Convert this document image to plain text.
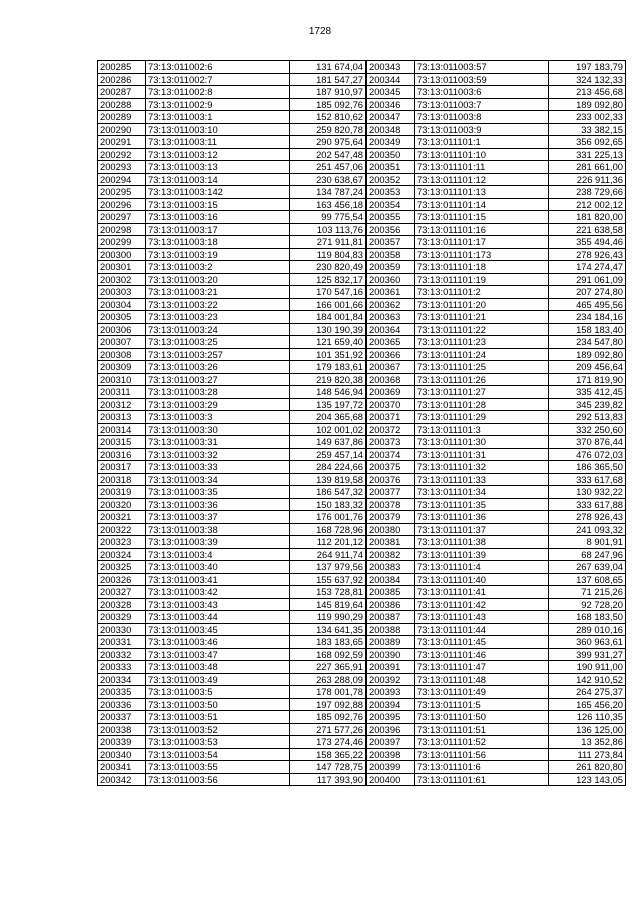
1728
200285	73:13:011002:6	131 674,04
200286	73:13:011002:7	181 547,27
200287	73:13:011002:8	187 910,97
200288	73:13:011002:9	185 092,76
200289	73:13:011003:1	152 810,62
200290	73:13:011003:10	259 820,78
200291	73:13:011003:11	290 975,64
200292	73:13:011003:12	202 547,48
200293	73:13:011003:13	251 457,06
200294	73:13:011003:14	230 638,67
200295	73:13:011003:142	134 787,24
200296	73:13:011003:15	163 456,18
200297	73:13:011003:16	99 775,54
200298	73:13:011003:17	103 113,76
200299	73:13:011003:18	271 911,81
200300	73:13:011003:19	119 804,83
200301	73:13:011003:2	230 820,49
200302	73:13:011003:20	125 832,17
200303	73:13:011003:21	170 547,16
200304	73:13:011003:22	166 001,66
200305	73:13:011003:23	184 001,84
200306	73:13:011003:24	130 190,39
200307	73:13:011003:25	121 659,40
200308	73:13:011003:257	101 351,92
200309	73:13:011003:26	179 183,61
200310	73:13:011003:27	219 820,38
200311	73:13:011003:28	148 546,94
200312	73:13:011003:29	135 197,72
200313	73:13:011003:3	204 365,68
200314	73:13:011003:30	102 001,02
200315	73:13:011003:31	149 637,86
200316	73:13:011003:32	259 457,14
200317	73:13:011003:33	284 224,66
200318	73:13:011003:34	139 819,58
200319	73:13:011003:35	186 547,32
200320	73:13:011003:36	150 183,32
200321	73:13:011003:37	176 001,76
200322	73:13:011003:38	168 728,96
200323	73:13:011003:39	112 201,12
200324	73:13:011003:4	264 911,74
200325	73:13:011003:40	137 979,56
200326	73:13:011003:41	155 637,92
200327	73:13:011003:42	153 728,81
200328	73:13:011003:43	145 819,64
200329	73:13:011003:44	119 990,29
200330	73:13:011003:45	134 641,35
200331	73:13:011003:46	183 183,65
200332	73:13:011003:47	168 092,59
200333	73:13:011003:48	227 365,91
200334	73:13:011003:49	263 288,09
200335	73:13:011003:5	178 001,78
200336	73:13:011003:50	197 092,88
200337	73:13:011003:51	185 092,76
200338	73:13:011003:52	271 577,26
200339	73:13:011003:53	173 274,46
200340	73:13:011003:54	158 365,22
200341	73:13:011003:55	147 728,75
200342	73:13:011003:56	117 393,90
200343	73:13:011003:57	197 183,79
200344	73:13:011003:59	324 132,33
200345	73:13:011003:6	213 456,68
200346	73:13:011003:7	189 092,80
200347	73:13:011003:8	233 002,33
200348	73:13:011003:9	33 382,15
200349	73:13:011101:1	356 092,65
200350	73:13:011101:10	331 225,13
200351	73:13:011101:11	281 661,00
200352	73:13:011101:12	226 911,36
200353	73:13:011101:13	238 729,66
200354	73:13:011101:14	212 002,12
200355	73:13:011101:15	181 820,00
200356	73:13:011101:16	221 638,58
200357	73:13:011101:17	355 494,46
200358	73:13:011101:173	278 926,43
200359	73:13:011101:18	174 274,47
200360	73:13:011101:19	291 061,09
200361	73:13:011101:2	207 274,80
200362	73:13:011101:20	465 495,56
200363	73:13:011101:21	234 184,16
200364	73:13:011101:22	158 183,40
200365	73:13:011101:23	234 547,80
200366	73:13:011101:24	189 092,80
200367	73:13:011101:25	209 456,64
200368	73:13:011101:26	171 819,90
200369	73:13:011101:27	335 412,45
200370	73:13:011101:28	345 239,82
200371	73:13:011101:29	292 513,83
200372	73:13:011101:3	332 250,60
200373	73:13:011101:30	370 876,44
200374	73:13:011101:31	476 072,03
200375	73:13:011101:32	186 365,50
200376	73:13:011101:33	333 617,68
200377	73:13:011101:34	130 932,22
200378	73:13:011101:35	333 617,88
200379	73:13:011101:36	278 926,43
200380	73:13:011101:37	241 093,32
200381	73:13:011101:38	8 901,91
200382	73:13:011101:39	68 247,96
200383	73:13:011101:4	267 639,04
200384	73:13:011101:40	137 608,65
200385	73:13:011101:41	71 215,26
200386	73:13:011101:42	92 728,20
200387	73:13:011101:43	168 183,50
200388	73:13:011101:44	289 010,16
200389	73:13:011101:45	360 963,61
200390	73:13:011101:46	399 931,27
200391	73:13:011101:47	190 911,00
200392	73:13:011101:48	142 910,52
200393	73:13:011101:49	264 275,37
200394	73:13:011101:5	165 456,20
200395	73:13:011101:50	126 110,35
200396	73:13:011101:51	136 125,00
200397	73:13:011101:52	13 352,86
200398	73:13:011101:56	111 273,84
200399	73:13:011101:6	261 820,80
200400	73:13:011101:61	123 143,05
